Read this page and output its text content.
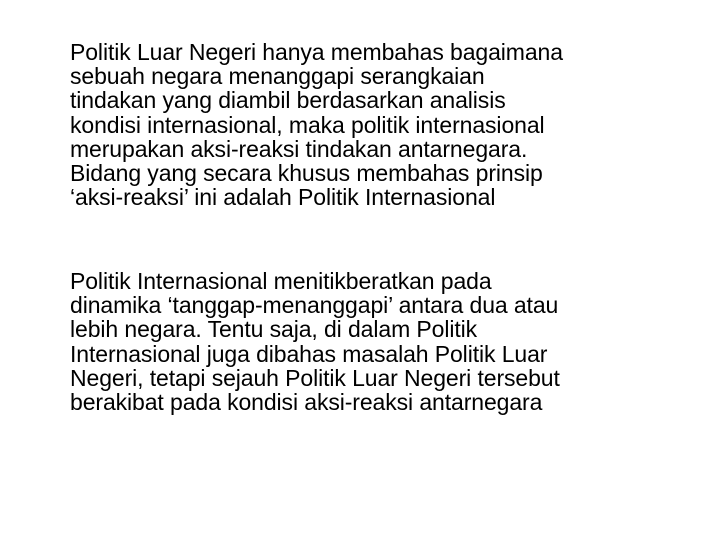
Politik Luar Negeri hanya membahas bagaimana
sebuah negara menanggapi serangkaian
tindakan yang diambil berdasarkan analisis
kondisi internasional, maka politik internasional
merupakan aksi-reaksi tindakan antarnegara.
Bidang yang secara khusus membahas prinsip
‘aksi-reaksi’ ini adalah Politik Internasional

Politik Internasional menitikberatkan pada
dinamika ‘tanggap-menanggapi’ antara dua atau
lebih negara. Tentu saja, di dalam Politik
Internasional juga dibahas masalah Politik Luar
Negeri, tetapi sejauh Politik Luar Negeri tersebut
berakibat pada kondisi aksi-reaksi antarnegara
